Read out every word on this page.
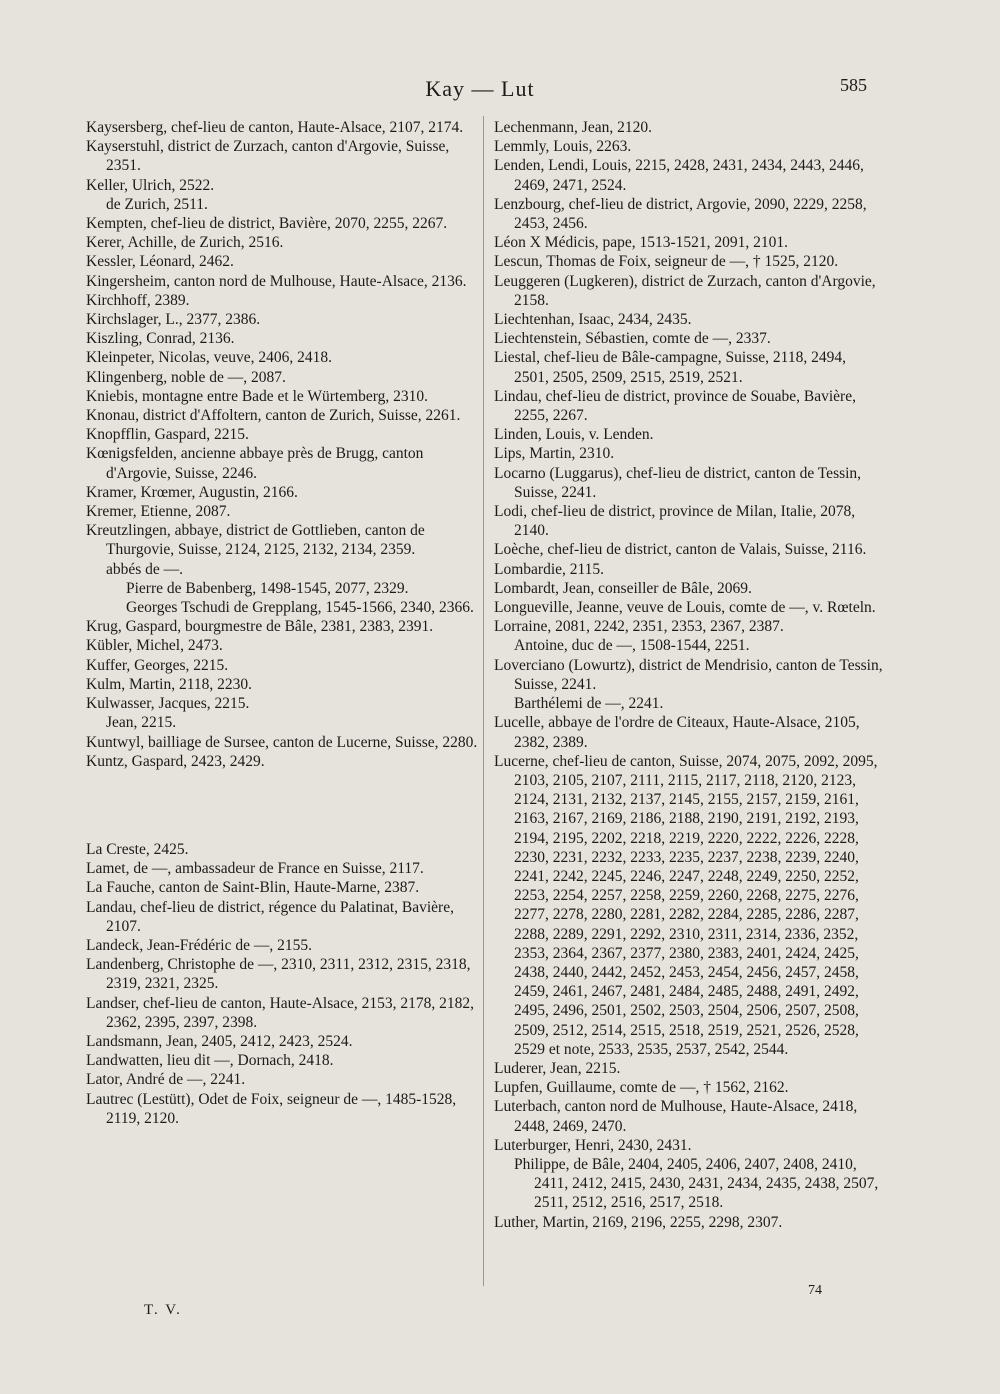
Kay — Lut	585

Kaysersberg, chef-lieu de canton, Haute-Alsace, 2107, 2174.

Kayserstuhl, district de Zurzach, canton d'Argovie, Suisse, 2351.

Keller, Ulrich, 2522.

de Zurich, 2511.

Kempten, chef-lieu de district, Bavière, 2070, 2255, 2267.

Kerer, Achille, de Zurich, 2516.

Kessler, Léonard, 2462.

Kingersheim, canton nord de Mulhouse, Haute-Alsace, 2136.

Kirchhoff, 2389.

Kirchslager, L., 2377, 2386.

Kiszling, Conrad, 2136.

Kleinpeter, Nicolas, veuve, 2406, 2418.

Klingenberg, noble de —, 2087.

Kniebis, montagne entre Bade et le Würtemberg, 2310.

Knonau, district d'Affoltern, canton de Zurich, Suisse, 2261.

Knopfflin, Gaspard, 2215.

Kœnigsfelden, ancienne abbaye près de Brugg, canton d'Argovie, Suisse, 2246.

Kramer, Krœmer, Augustin, 2166.

Kremer, Etienne, 2087.

Kreutzlingen, abbaye, district de Gottlieben, canton de Thurgovie, Suisse, 2124, 2125, 2132, 2134, 2359.

abbés de —.

Pierre de Babenberg, 1498-1545, 2077, 2329.

Georges Tschudi de Grepplang, 1545-1566, 2340, 2366.

Krug, Gaspard, bourgmestre de Bâle, 2381, 2383, 2391.

Kübler, Michel, 2473.

Kuffer, Georges, 2215.

Kulm, Martin, 2118, 2230.

Kulwasser, Jacques, 2215.

Jean, 2215.

Kuntwyl, bailliage de Sursee, canton de Lucerne, Suisse, 2280.

Kuntz, Gaspard, 2423, 2429.

La Creste, 2425.

Lamet, de —, ambassadeur de France en Suisse, 2117.

La Fauche, canton de Saint-Blin, Haute-Marne, 2387.

Landau, chef-lieu de district, régence du Palatinat, Bavière, 2107.

Landeck, Jean-Frédéric de —, 2155.

Landenberg, Christophe de —, 2310, 2311, 2312, 2315, 2318, 2319, 2321, 2325.

Landser, chef-lieu de canton, Haute-Alsace, 2153, 2178, 2182, 2362, 2395, 2397, 2398.

Landsmann, Jean, 2405, 2412, 2423, 2524.

Landwatten, lieu dit —, Dornach, 2418.

Lator, André de —, 2241.

Lautrec (Lestütt), Odet de Foix, seigneur de —, 1485-1528, 2119, 2120.

Lechenmann, Jean, 2120.

Lemmly, Louis, 2263.

Lenden, Lendi, Louis, 2215, 2428, 2431, 2434, 2443, 2446, 2469, 2471, 2524.

Lenzbourg, chef-lieu de district, Argovie, 2090, 2229, 2258, 2453, 2456.

Léon X Médicis, pape, 1513-1521, 2091, 2101.

Lescun, Thomas de Foix, seigneur de —, † 1525, 2120.

Leuggeren (Lugkeren), district de Zurzach, canton d'Argovie, 2158.

Liechtenhan, Isaac, 2434, 2435.

Liechtenstein, Sébastien, comte de —, 2337.

Liestal, chef-lieu de Bâle-campagne, Suisse, 2118, 2494, 2501, 2505, 2509, 2515, 2519, 2521.

Lindau, chef-lieu de district, province de Souabe, Bavière, 2255, 2267.

Linden, Louis, v. Lenden.

Lips, Martin, 2310.

Locarno (Luggarus), chef-lieu de district, canton de Tessin, Suisse, 2241.

Lodi, chef-lieu de district, province de Milan, Italie, 2078, 2140.

Loèche, chef-lieu de district, canton de Valais, Suisse, 2116.

Lombardie, 2115.

Lombardt, Jean, conseiller de Bâle, 2069.

Longueville, Jeanne, veuve de Louis, comte de —, v. Rœteln.

Lorraine, 2081, 2242, 2351, 2353, 2367, 2387.

Antoine, duc de —, 1508-1544, 2251.

Loverciano (Lowurtz), district de Mendrisio, canton de Tessin, Suisse, 2241.

Barthélemi de —, 2241.

Lucelle, abbaye de l'ordre de Citeaux, Haute-Alsace, 2105, 2382, 2389.

Lucerne, chef-lieu de canton, Suisse, 2074, 2075, 2092, 2095, 2103, 2105, 2107, 2111, 2115, 2117, 2118, 2120, 2123, 2124, 2131, 2132, 2137, 2145, 2155, 2157, 2159, 2161, 2163, 2167, 2169, 2186, 2188, 2190, 2191, 2192, 2193, 2194, 2195, 2202, 2218, 2219, 2220, 2222, 2226, 2228, 2230, 2231, 2232, 2233, 2235, 2237, 2238, 2239, 2240, 2241, 2242, 2245, 2246, 2247, 2248, 2249, 2250, 2252, 2253, 2254, 2257, 2258, 2259, 2260, 2268, 2275, 2276, 2277, 2278, 2280, 2281, 2282, 2284, 2285, 2286, 2287, 2288, 2289, 2291, 2292, 2310, 2311, 2314, 2336, 2352, 2353, 2364, 2367, 2377, 2380, 2383, 2401, 2424, 2425, 2438, 2440, 2442, 2452, 2453, 2454, 2456, 2457, 2458, 2459, 2461, 2467, 2481, 2484, 2485, 2488, 2491, 2492, 2495, 2496, 2501, 2502, 2503, 2504, 2506, 2507, 2508, 2509, 2512, 2514, 2515, 2518, 2519, 2521, 2526, 2528, 2529 et note, 2533, 2535, 2537, 2542, 2544.

Luderer, Jean, 2215.

Lupfen, Guillaume, comte de —, † 1562, 2162.

Luterbach, canton nord de Mulhouse, Haute-Alsace, 2418, 2448, 2469, 2470.

Luterburger, Henri, 2430, 2431.

Philippe, de Bâle, 2404, 2405, 2406, 2407, 2408, 2410, 2411, 2412, 2415, 2430, 2431, 2434, 2435, 2438, 2507, 2511, 2512, 2516, 2517, 2518.

Luther, Martin, 2169, 2196, 2255, 2298, 2307.

T. V.
74
